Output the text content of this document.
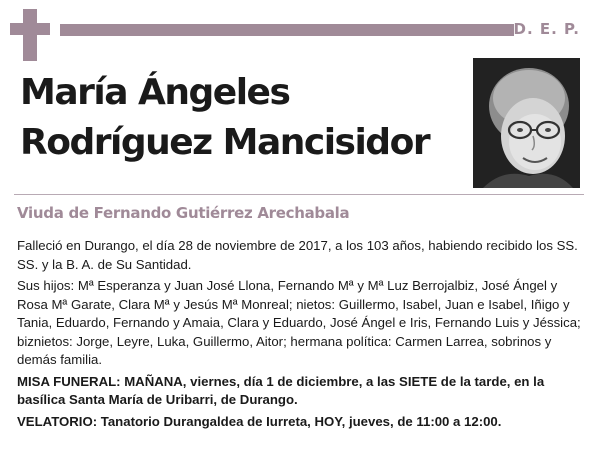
D. E. P.
María Ángeles
Rodríguez Mancisidor
Viuda de Fernando Gutiérrez Arechabala

Falleció en Durango, el día 28 de noviembre de 2017, a los 103 años, habiendo recibido los SS. SS. y la B. A. de Su Santidad.

Sus hijos: Mª Esperanza y Juan José Llona, Fernando Mª y Mª Luz Berrojalbiz, José Ángel y Rosa Mª Garate, Clara Mª y Jesús Mª Monreal; nietos: Guillermo, Isabel, Juan e Isabel, Iñigo y Tania, Eduardo, Fernando y Amaia, Clara y Eduardo, José Ángel e Iris, Fernando Luis y Jéssica; biznietos: Jorge, Leyre, Luka, Guillermo, Aitor; hermana política: Carmen Larrea, sobrinos y demás familia.

MISA FUNERAL: MAÑANA, viernes, día 1 de diciembre, a las SIETE de la tarde, en la basílica Santa María de Uribarri, de Durango.

VELATORIO: Tanatorio Durangaldea de Iurreta, HOY, jueves, de 11:00 a 12:00.
